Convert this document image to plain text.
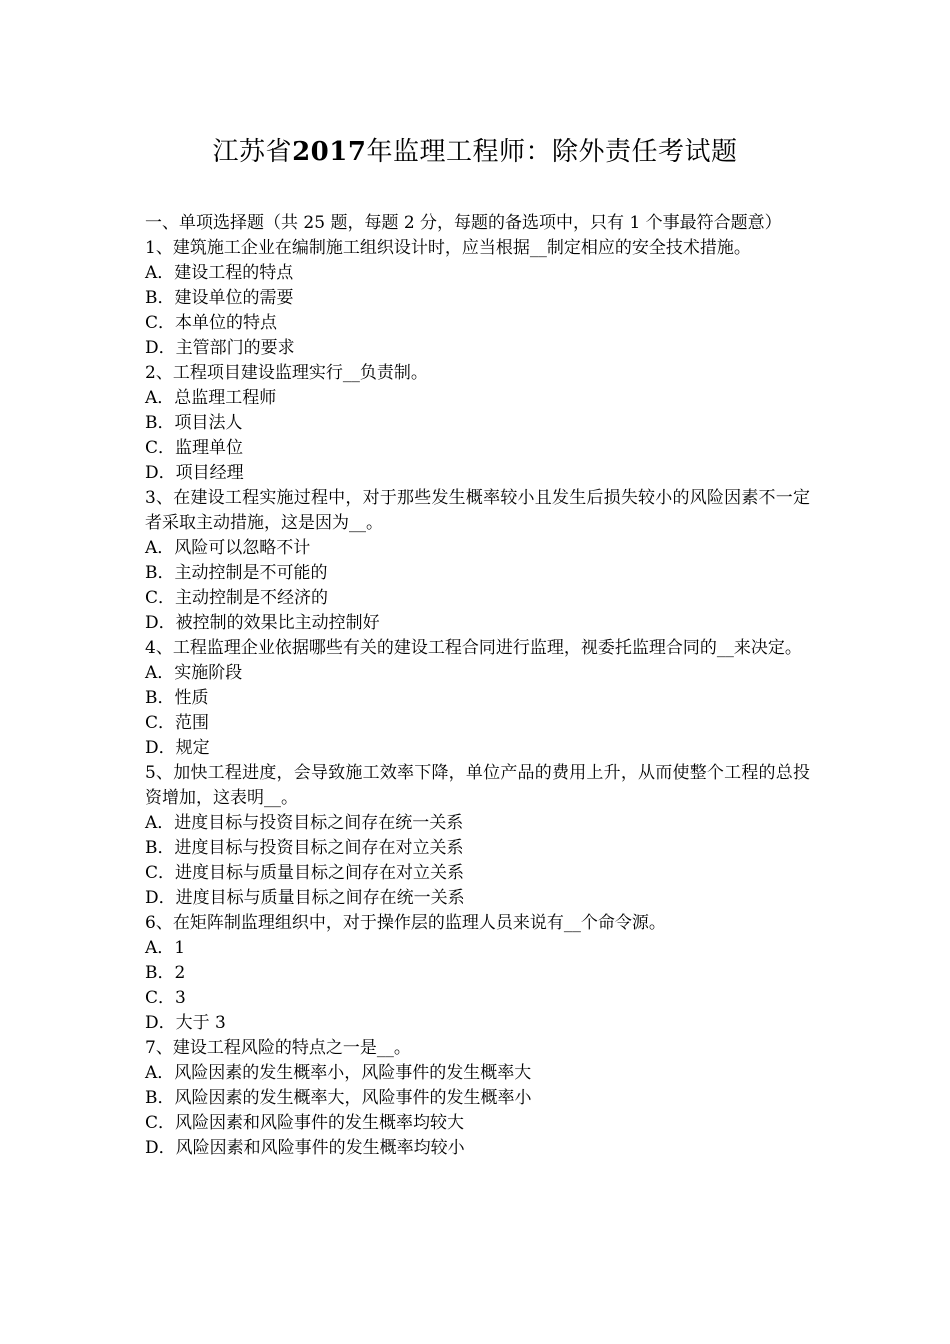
江苏省2017年监理工程师：除外责任考试题
一、单项选择题（共 25 题，每题 2 分，每题的备选项中，只有 1 个事最符合题意）
1、建筑施工企业在编制施工组织设计时，应当根据__制定相应的安全技术措施。
A．建设工程的特点
B．建设单位的需要
C．本单位的特点
D．主管部门的要求
2、工程项目建设监理实行__负责制。
A．总监理工程师
B．项目法人
C．监理单位
D．项目经理
3、在建设工程实施过程中，对于那些发生概率较小且发生后损失较小的风险因素不一定者采取主动措施，这是因为__。
A．风险可以忽略不计
B．主动控制是不可能的
C．主动控制是不经济的
D．被控制的效果比主动控制好
4、工程监理企业依据哪些有关的建设工程合同进行监理，视委托监理合同的__来决定。
A．实施阶段
B．性质
C．范围
D．规定
5、加快工程进度，会导致施工效率下降，单位产品的费用上升，从而使整个工程的总投资增加，这表明__。
A．进度目标与投资目标之间存在统一关系
B．进度目标与投资目标之间存在对立关系
C．进度目标与质量目标之间存在对立关系
D．进度目标与质量目标之间存在统一关系
6、在矩阵制监理组织中，对于操作层的监理人员来说有__个命令源。
A．1
B．2
C．3
D．大于 3
7、建设工程风险的特点之一是__。
A．风险因素的发生概率小，风险事件的发生概率大
B．风险因素的发生概率大，风险事件的发生概率小
C．风险因素和风险事件的发生概率均较大
D．风险因素和风险事件的发生概率均较小
